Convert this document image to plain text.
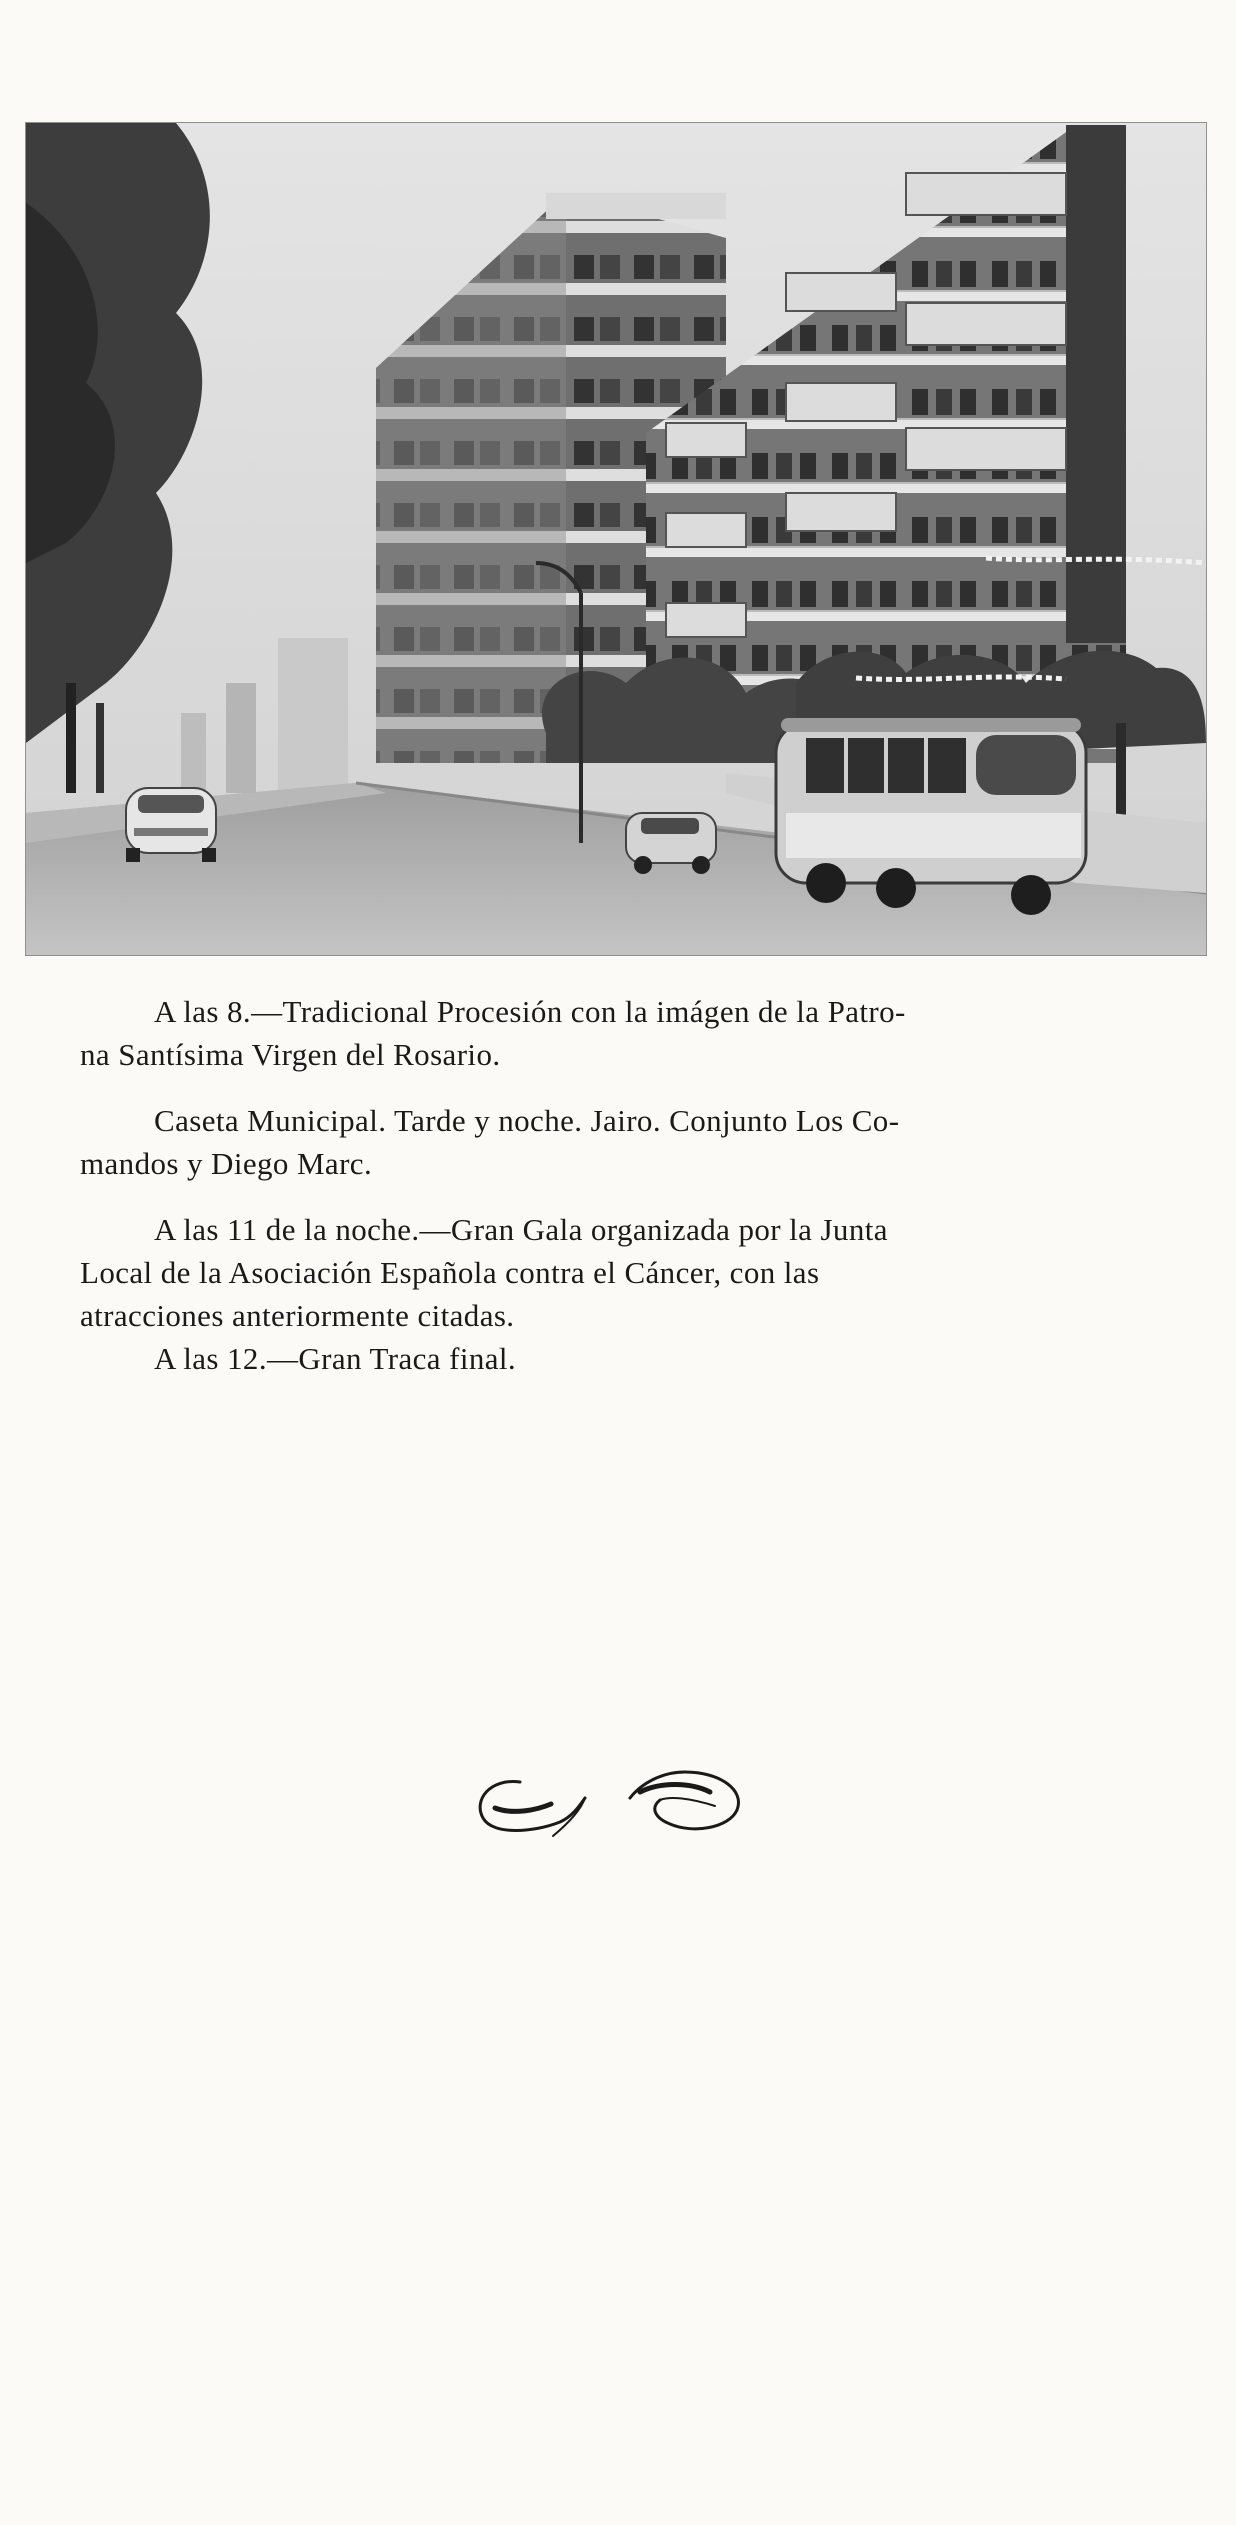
A las 8.—Tradicional Procesión con la imágen de la Patro-
na Santísima Virgen del Rosario.

Caseta Municipal. Tarde y noche. Jairo. Conjunto Los Co-
mandos y Diego Marc.

A las 11 de la noche.—Gran Gala organizada por la Junta
Local de la Asociación Española contra el Cáncer, con las
atracciones anteriormente citadas.

A las 12.—Gran Traca final.
